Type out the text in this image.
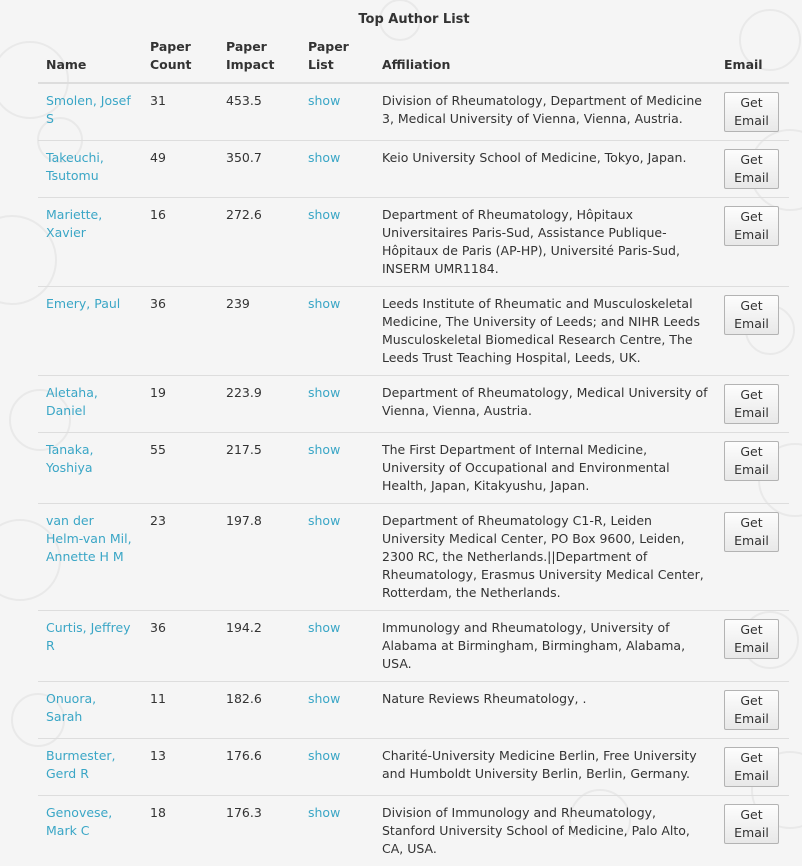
Top Author List
Name	Paper Count	Paper Impact	Paper List	Affiliation	Email
Smolen, Josef S	31	453.5	show	Division of Rheumatology, Department of Medicine 3, Medical University of Vienna, Vienna, Austria.	Get Email
Takeuchi, Tsutomu	49	350.7	show	Keio University School of Medicine, Tokyo, Japan.	Get Email
Mariette, Xavier	16	272.6	show	Department of Rheumatology, Hôpitaux Universitaires Paris-Sud, Assistance Publique-Hôpitaux de Paris (AP-HP), Université Paris-Sud, INSERM UMR1184.	Get Email
Emery, Paul	36	239	show	Leeds Institute of Rheumatic and Musculoskeletal Medicine, The University of Leeds; and NIHR Leeds Musculoskeletal Biomedical Research Centre, The Leeds Trust Teaching Hospital, Leeds, UK.	Get Email
Aletaha, Daniel	19	223.9	show	Department of Rheumatology, Medical University of Vienna, Vienna, Austria.	Get Email
Tanaka, Yoshiya	55	217.5	show	The First Department of Internal Medicine, University of Occupational and Environmental Health, Japan, Kitakyushu, Japan.	Get Email
van der Helm-van Mil, Annette H M	23	197.8	show	Department of Rheumatology C1-R, Leiden University Medical Center, PO Box 9600, Leiden, 2300 RC, the Netherlands.||Department of Rheumatology, Erasmus University Medical Center, Rotterdam, the Netherlands.	Get Email
Curtis, Jeffrey R	36	194.2	show	Immunology and Rheumatology, University of Alabama at Birmingham, Birmingham, Alabama, USA.	Get Email
Onuora, Sarah	11	182.6	show	Nature Reviews Rheumatology, .	Get Email
Burmester, Gerd R	13	176.6	show	Charité-University Medicine Berlin, Free University and Humboldt University Berlin, Berlin, Germany.	Get Email
Genovese, Mark C	18	176.3	show	Division of Immunology and Rheumatology, Stanford University School of Medicine, Palo Alto, CA, USA.	Get Email
